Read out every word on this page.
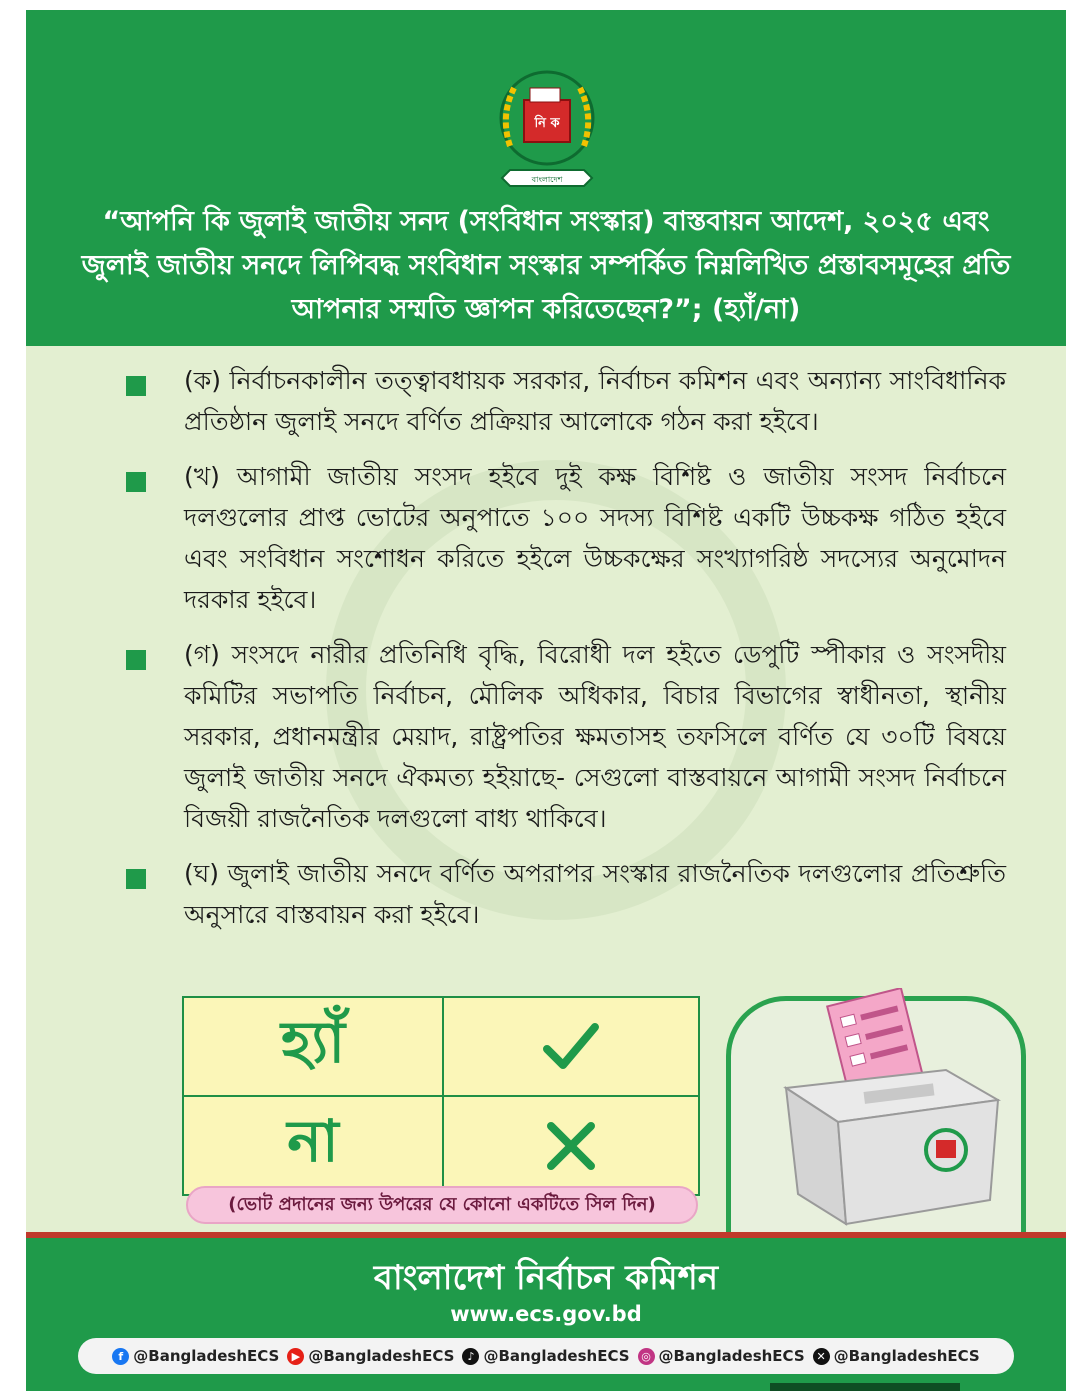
নি ক
বাংলাদেশ

“আপনি কি জুলাই জাতীয় সনদ (সংবিধান সংস্কার) বাস্তবায়ন আদেশ, ২০২৫ এবং জুলাই জাতীয় সনদে লিপিবদ্ধ সংবিধান সংস্কার সম্পর্কিত নিম্নলিখিত প্রস্তাবসমূহের প্রতি আপনার সম্মতি জ্ঞাপন করিতেছেন?”; (হ্যাঁ/না)

(ক) নির্বাচনকালীন তত্ত্বাবধায়ক সরকার, নির্বাচন কমিশন এবং অন্যান্য সাংবিধানিক প্রতিষ্ঠান জুলাই সনদে বর্ণিত প্রক্রিয়ার আলোকে গঠন করা হইবে।

(খ) আগামী জাতীয় সংসদ হইবে দুই কক্ষ বিশিষ্ট ও জাতীয় সংসদ নির্বাচনে দলগুলোর প্রাপ্ত ভোটের অনুপাতে ১০০ সদস্য বিশিষ্ট একটি উচ্চকক্ষ গঠিত হইবে এবং সংবিধান সংশোধন করিতে হইলে উচ্চকক্ষের সংখ্যাগরিষ্ঠ সদস্যের অনুমোদন দরকার হইবে।

(গ) সংসদে নারীর প্রতিনিধি বৃদ্ধি, বিরোধী দল হইতে ডেপুটি স্পীকার ও সংসদীয় কমিটির সভাপতি নির্বাচন, মৌলিক অধিকার, বিচার বিভাগের স্বাধীনতা, স্থানীয় সরকার, প্রধানমন্ত্রীর মেয়াদ, রাষ্ট্রপতির ক্ষমতাসহ তফসিলে বর্ণিত যে ৩০টি বিষয়ে জুলাই জাতীয় সনদে ঐকমত্য হইয়াছে- সেগুলো বাস্তবায়নে আগামী সংসদ নির্বাচনে বিজয়ী রাজনৈতিক দলগুলো বাধ্য থাকিবে।

(ঘ) জুলাই জাতীয় সনদে বর্ণিত অপরাপর সংস্কার রাজনৈতিক দলগুলোর প্রতিশ্রুতি অনুসারে বাস্তবায়ন করা হইবে।

হ্যাঁ
না
(ভোট প্রদানের জন্য উপরের যে কোনো একটিতে সিল দিন)

বাংলাদেশ নির্বাচন কমিশন

www.ecs.gov.bd
f @BangladeshECS	▶ @BangladeshECS	♪ @BangladeshECS	◎ @BangladeshECS	✕ @BangladeshECS
